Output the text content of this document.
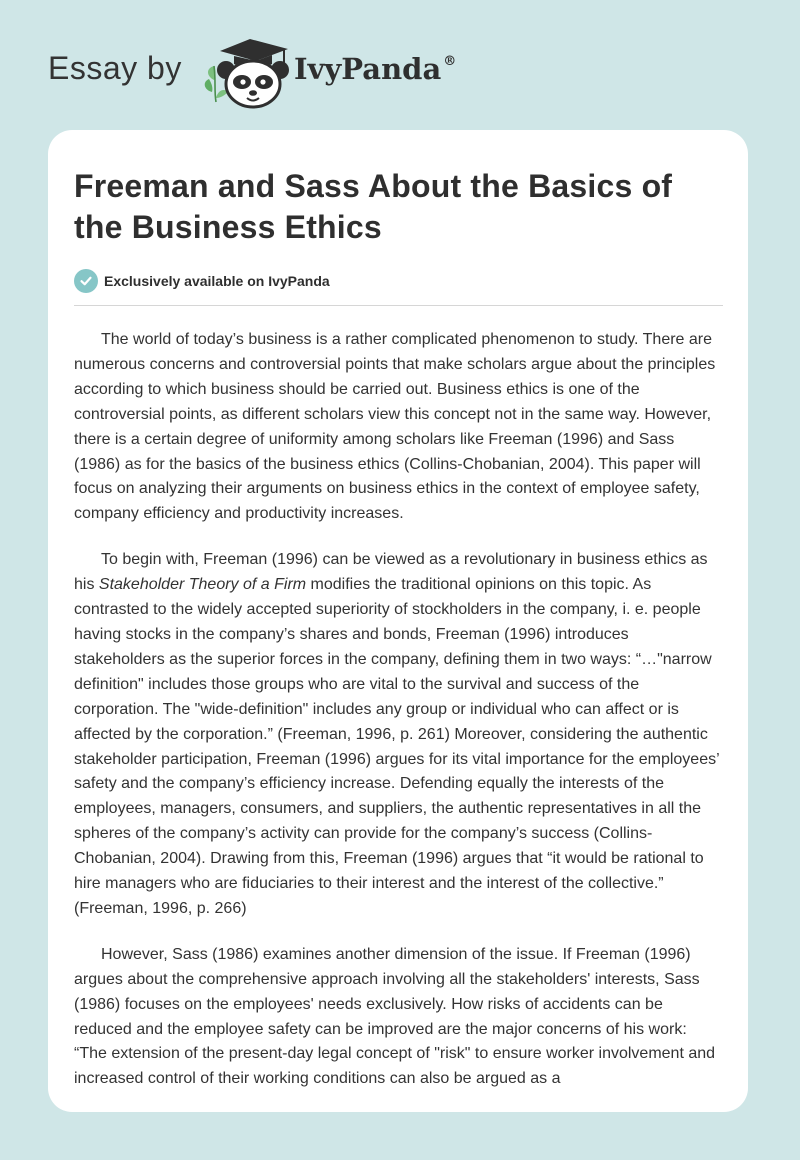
Essay by	IvyPanda ®
Freeman and Sass About the Basics of the Business Ethics
Exclusively available on IvyPanda

The world of today’s business is a rather complicated phenomenon to study. There are numerous concerns and controversial points that make scholars argue about the principles according to which business should be carried out. Business ethics is one of the controversial points, as different scholars view this concept not in the same way. However, there is a certain degree of uniformity among scholars like Freeman (1996) and Sass (1986) as for the basics of the business ethics (Collins-Chobanian, 2004). This paper will focus on analyzing their arguments on business ethics in the context of employee safety, company efficiency and productivity increases.

To begin with, Freeman (1996) can be viewed as a revolutionary in business ethics as his Stakeholder Theory of a Firm modifies the traditional opinions on this topic. As contrasted to the widely accepted superiority of stockholders in the company, i. e. people having stocks in the company’s shares and bonds, Freeman (1996) introduces stakeholders as the superior forces in the company, defining them in two ways: “…"narrow definition" includes those groups who are vital to the survival and success of the corporation. The "wide-definition" includes any group or individual who can affect or is affected by the corporation.” (Freeman, 1996, p. 261) Moreover, considering the authentic stakeholder participation, Freeman (1996) argues for its vital importance for the employees’ safety and the company’s efficiency increase. Defending equally the interests of the employees, managers, consumers, and suppliers, the authentic representatives in all the spheres of the company’s activity can provide for the company’s success (Collins-Chobanian, 2004). Drawing from this, Freeman (1996) argues that “it would be rational to hire managers who are fiduciaries to their interest and the interest of the collective.” (Freeman, 1996, p. 266)

However, Sass (1986) examines another dimension of the issue. If Freeman (1996) argues about the comprehensive approach involving all the stakeholders' interests, Sass (1986) focuses on the employees' needs exclusively. How risks of accidents can be reduced and the employee safety can be improved are the major concerns of his work: “The extension of the present-day legal concept of "risk" to ensure worker involvement and increased control of their working conditions can also be argued as a
